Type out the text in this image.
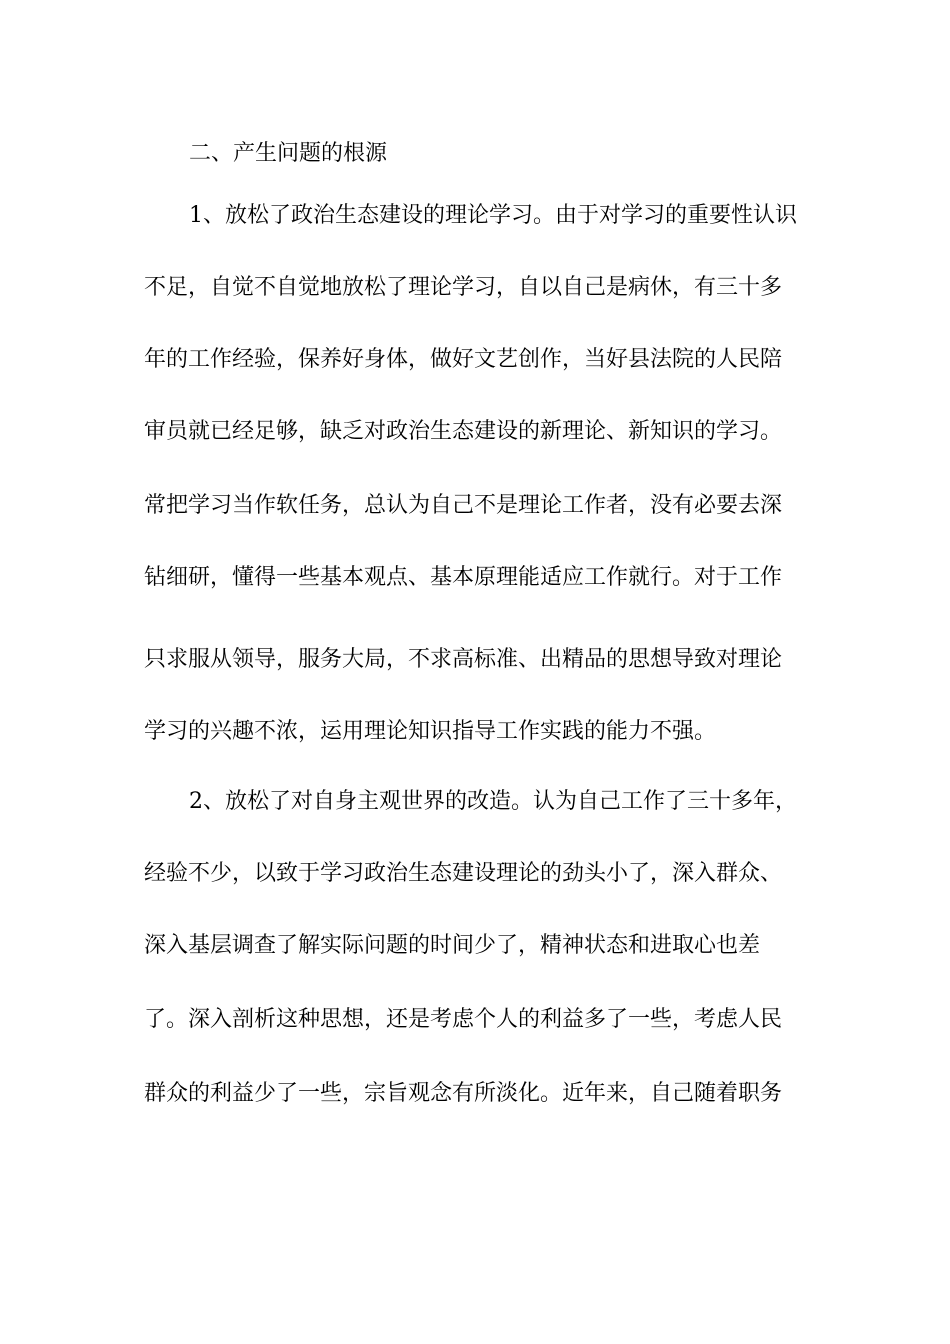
二、产生问题的根源
1、放松了政治生态建设的理论学习。由于对学习的重要性认识
不足，自觉不自觉地放松了理论学习，自以自己是病休，有三十多
年的工作经验，保养好身体，做好文艺创作，当好县法院的人民陪
审员就已经足够，缺乏对政治生态建设的新理论、新知识的学习。
常把学习当作软任务，总认为自己不是理论工作者，没有必要去深
钻细研，懂得一些基本观点、基本原理能适应工作就行。对于工作
只求服从领导，服务大局，不求高标准、出精品的思想导致对理论
学习的兴趣不浓，运用理论知识指导工作实践的能力不强。
2、放松了对自身主观世界的改造。认为自己工作了三十多年，
经验不少，以致于学习政治生态建设理论的劲头小了，深入群众、
深入基层调查了解实际问题的时间少了，精神状态和进取心也差
了。深入剖析这种思想，还是考虑个人的利益多了一些，考虑人民
群众的利益少了一些，宗旨观念有所淡化。近年来，自己随着职务
